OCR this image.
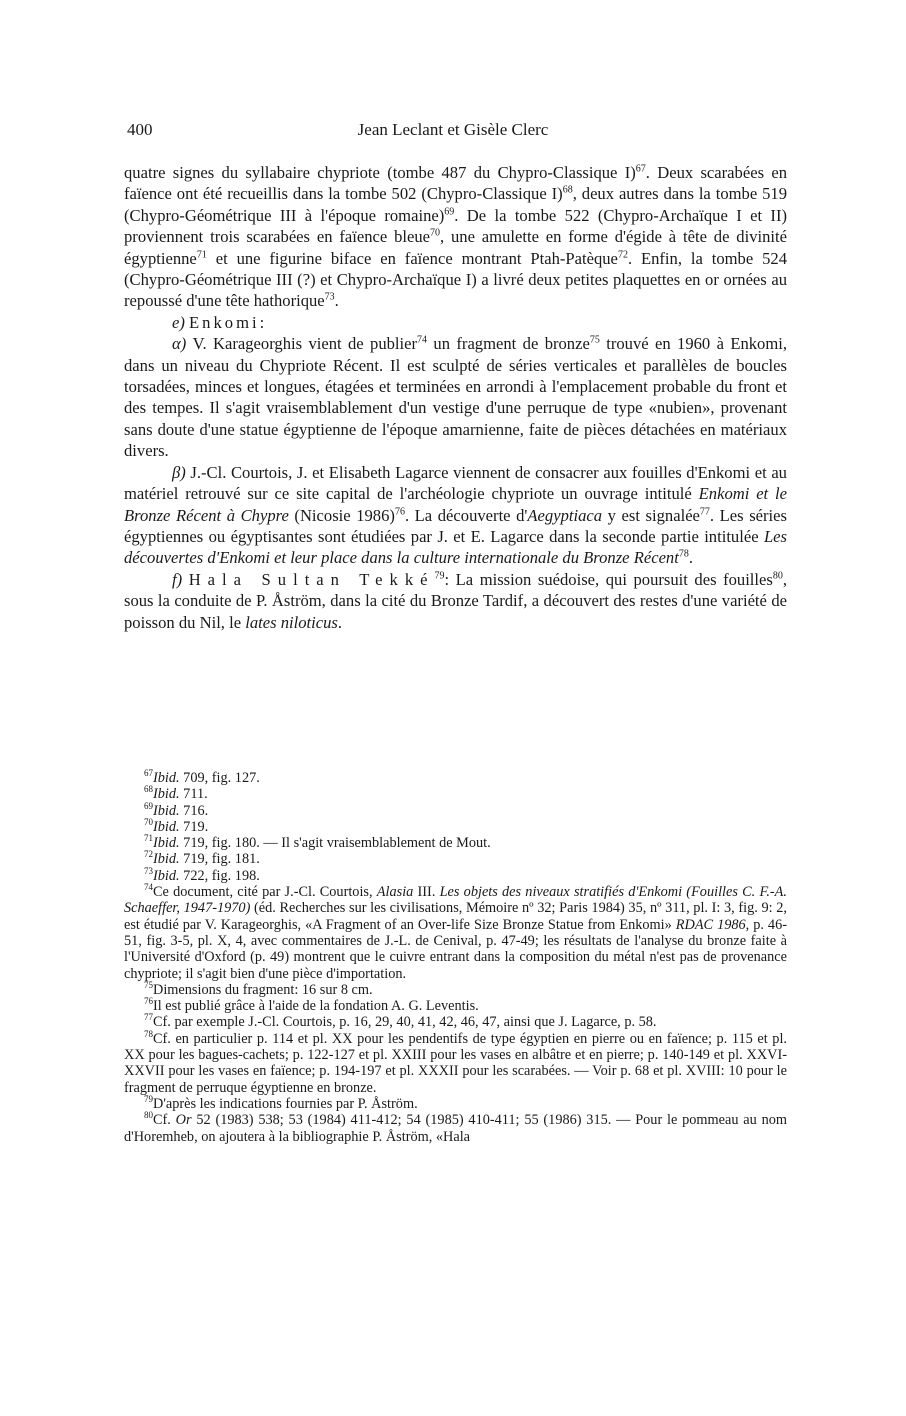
400	Jean Leclant et Gisèle Clerc

quatre signes du syllabaire chypriote (tombe 487 du Chypro-Classique I)$^{67}$. Deux scarabées en faïence ont été recueillis dans la tombe 502 (Chypro-Classique I)$^{68}$, deux autres dans la tombe 519 (Chypro-Géométrique III à l'époque romaine)$^{69}$. De la tombe 522 (Chypro-Archaïque I et II) proviennent trois scarabées en faïence bleue$^{70}$, une amulette en forme d'égide à tête de divinité égyptienne$^{71}$ et une figurine biface en faïence montrant Ptah-Patèque$^{72}$. Enfin, la tombe 524 (Chypro-Géométrique III (?) et Chypro-Archaïque I) a livré deux petites plaquettes en or ornées au repoussé d'une tête hathorique$^{73}$.

e) Enkomi:

α) V. Karageorghis vient de publier$^{74}$ un fragment de bronze$^{75}$ trouvé en 1960 à Enkomi, dans un niveau du Chypriote Récent. Il est sculpté de séries verticales et parallèles de boucles torsadées, minces et longues, étagées et terminées en arrondi à l'emplacement probable du front et des tempes. Il s'agit vraisemblablement d'un vestige d'une perruque de type «nubien», provenant sans doute d'une statue égyptienne de l'époque amarnienne, faite de pièces détachées en matériaux divers.

β) J.-Cl. Courtois, J. et Elisabeth Lagarce viennent de consacrer aux fouilles d'Enkomi et au matériel retrouvé sur ce site capital de l'archéologie chypriote un ouvrage intitulé Enkomi et le Bronze Récent à Chypre (Nicosie 1986)$^{76}$. La découverte d'Aegyptiaca y est signalée$^{77}$. Les séries égyptiennes ou égyptisantes sont étudiées par J. et E. Lagarce dans la seconde partie intitulée Les découvertes d'Enkomi et leur place dans la culture internationale du Bronze Récent$^{78}$.

f) Hala Sultan Tekké$^{79}$: La mission suédoise, qui poursuit des fouilles$^{80}$, sous la conduite de P. Åström, dans la cité du Bronze Tardif, a découvert des restes d'une variété de poisson du Nil, le lates niloticus.

$^{67}$Ibid. 709, fig. 127.

$^{68}$Ibid. 711.

$^{69}$Ibid. 716.

$^{70}$Ibid. 719.

$^{71}$Ibid. 719, fig. 180. — Il s'agit vraisemblablement de Mout.

$^{72}$Ibid. 719, fig. 181.

$^{73}$Ibid. 722, fig. 198.

$^{74}$Ce document, cité par J.-Cl. Courtois, Alasia III. Les objets des niveaux stratifiés d'Enkomi (Fouilles C. F.-A. Schaeffer, 1947-1970) (éd. Recherches sur les civilisations, Mémoire nº 32; Paris 1984) 35, nº 311, pl. I: 3, fig. 9: 2, est étudié par V. Karageorghis, «A Fragment of an Over-life Size Bronze Statue from Enkomi» RDAC 1986, p. 46-51, fig. 3-5, pl. X, 4, avec commentaires de J.-L. de Cenival, p. 47-49; les résultats de l'analyse du bronze faite à l'Université d'Oxford (p. 49) montrent que le cuivre entrant dans la composition du métal n'est pas de provenance chypriote; il s'agit bien d'une pièce d'importation.

$^{75}$Dimensions du fragment: 16 sur 8 cm.

$^{76}$Il est publié grâce à l'aide de la fondation A. G. Leventis.

$^{77}$Cf. par exemple J.-Cl. Courtois, p. 16, 29, 40, 41, 42, 46, 47, ainsi que J. Lagarce, p. 58.

$^{78}$Cf. en particulier p. 114 et pl. XX pour les pendentifs de type égyptien en pierre ou en faïence; p. 115 et pl. XX pour les bagues-cachets; p. 122-127 et pl. XXIII pour les vases en albâtre et en pierre; p. 140-149 et pl. XXVI-XXVII pour les vases en faïence; p. 194-197 et pl. XXXII pour les scarabées. — Voir p. 68 et pl. XVIII: 10 pour le fragment de perruque égyptienne en bronze.

$^{79}$D'après les indications fournies par P. Åström.

$^{80}$Cf. Or 52 (1983) 538; 53 (1984) 411-412; 54 (1985) 410-411; 55 (1986) 315. — Pour le pommeau au nom d'Horemheb, on ajoutera à la bibliographie P. Åström, «Hala
